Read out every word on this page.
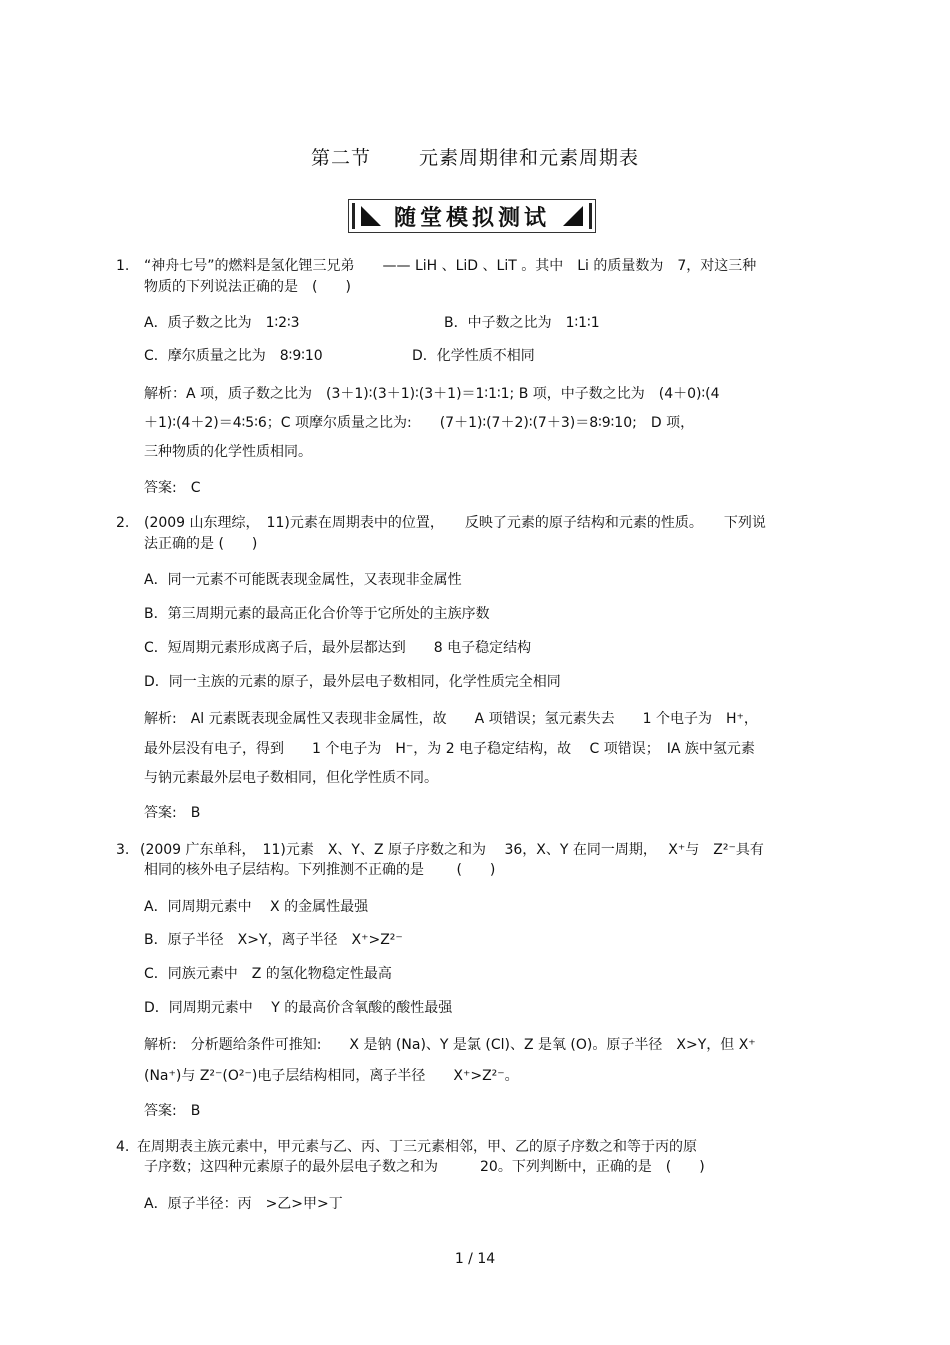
第二节	元素周期律和元素周期表
随堂模拟测试
1. “神舟七号”的燃料是氢化锂三兄弟　　—— LiH 、LiD 、LiT 。其中　Li 的质量数为　7，对这三种
物质的下列说法正确的是　(　　)
A．质子数之比为　1∶2∶3	B．中子数之比为　1∶1∶1
C．摩尔质量之比为　8∶9∶10	D．化学性质不相同
解析：A 项，质子数之比为　(3＋1)∶(3＋1)∶(3＋1)＝1∶1∶1; B 项，中子数之比为　(4＋0)∶(4
＋1)∶(4＋2)＝4∶5∶6；C 项摩尔质量之比为:　　(7＋1)∶(7＋2)∶(7＋3)＝8∶9∶10;　D 项，
三种物质的化学性质相同。
答案:　C
2. (2009 山东理综，　11)元素在周期表中的位置，　　反映了元素的原子结构和元素的性质。　　下列说
法正确的是 (　　)
A．同一元素不可能既表现金属性，又表现非金属性
B．第三周期元素的最高正化合价等于它所处的主族序数
C．短周期元素形成离子后，最外层都达到　　8 电子稳定结构
D．同一主族的元素的原子，最外层电子数相同，化学性质完全相同
解析:　Al 元素既表现金属性又表现非金属性，故　　A 项错误；氢元素失去　　1 个电子为　H⁺，
最外层没有电子，得到　　1 个电子为　H⁻，为 2 电子稳定结构，故　 C 项错误；　ⅠA 族中氢元素
与钠元素最外层电子数相同，但化学性质不同。
答案:　B
3. (2009 广东单科，　11)元素　X、Y、Z 原子序数之和为　 36，X、Y 在同一周期，　 X⁺与　Z²⁻具有
相同的核外电子层结构。下列推测不正确的是　　 (　　)
A．同周期元素中　 X 的金属性最强
B．原子半径　X>Y，离子半径　X⁺>Z²⁻
C．同族元素中　Z 的氢化物稳定性最高
D．同周期元素中　 Y 的最高价含氧酸的酸性最强
解析:　分析题给条件可推知:　　X 是钠 (Na)、Y 是氯 (Cl)、Z 是氧 (O)。原子半径　X>Y，但 X⁺
(Na⁺)与 Z²⁻(O²⁻)电子层结构相同，离子半径　　X⁺>Z²⁻。
答案:　B
4. 在周期表主族元素中，甲元素与乙、丙、丁三元素相邻，甲、乙的原子序数之和等于丙的原
子序数；这四种元素原子的最外层电子数之和为　　　20。下列判断中，正确的是　(　　)
A．原子半径：丙　>乙>甲>丁
1 / 14
